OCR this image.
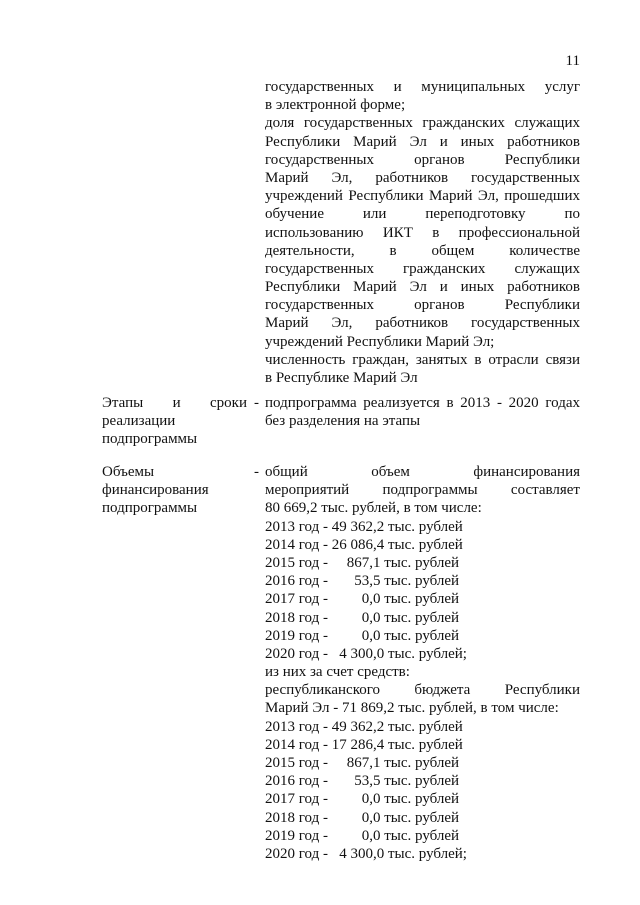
11
государственных и муниципальных услуг
в электронной форме;
доля государственных гражданских служащих
Республики Марий Эл и иных работников
государственных органов Республики
Марий Эл, работников государственных
учреждений Республики Марий Эл, прошедших
обучение или переподготовку по
использованию ИКТ в профессиональной
деятельности, в общем количестве
государственных гражданских служащих
Республики Марий Эл и иных работников
государственных органов Республики
Марий Эл, работников государственных
учреждений Республики Марий Эл;
численность граждан, занятых в отрасли связи
в Республике Марий Эл
Этапы и сроки
реализации
подпрограммы
- подпрограмма реализуется в 2013 - 2020 годах
без разделения на этапы
Объемы
финансирования
подпрограммы
- общий объем финансирования
мероприятий подпрограммы составляет
80 669,2 тыс. рублей, в том числе:
2013 год - 49 362,2 тыс. рублей
2014 год - 26 086,4 тыс. рублей
2015 год -     867,1 тыс. рублей
2016 год -       53,5 тыс. рублей
2017 год -         0,0 тыс. рублей
2018 год -         0,0 тыс. рублей
2019 год -         0,0 тыс. рублей
2020 год -   4 300,0 тыс. рублей;
из них за счет средств:
республиканского бюджета Республики
Марий Эл - 71 869,2 тыс. рублей, в том числе:
2013 год - 49 362,2 тыс. рублей
2014 год - 17 286,4 тыс. рублей
2015 год -     867,1 тыс. рублей
2016 год -       53,5 тыс. рублей
2017 год -         0,0 тыс. рублей
2018 год -         0,0 тыс. рублей
2019 год -         0,0 тыс. рублей
2020 год -   4 300,0 тыс. рублей;
